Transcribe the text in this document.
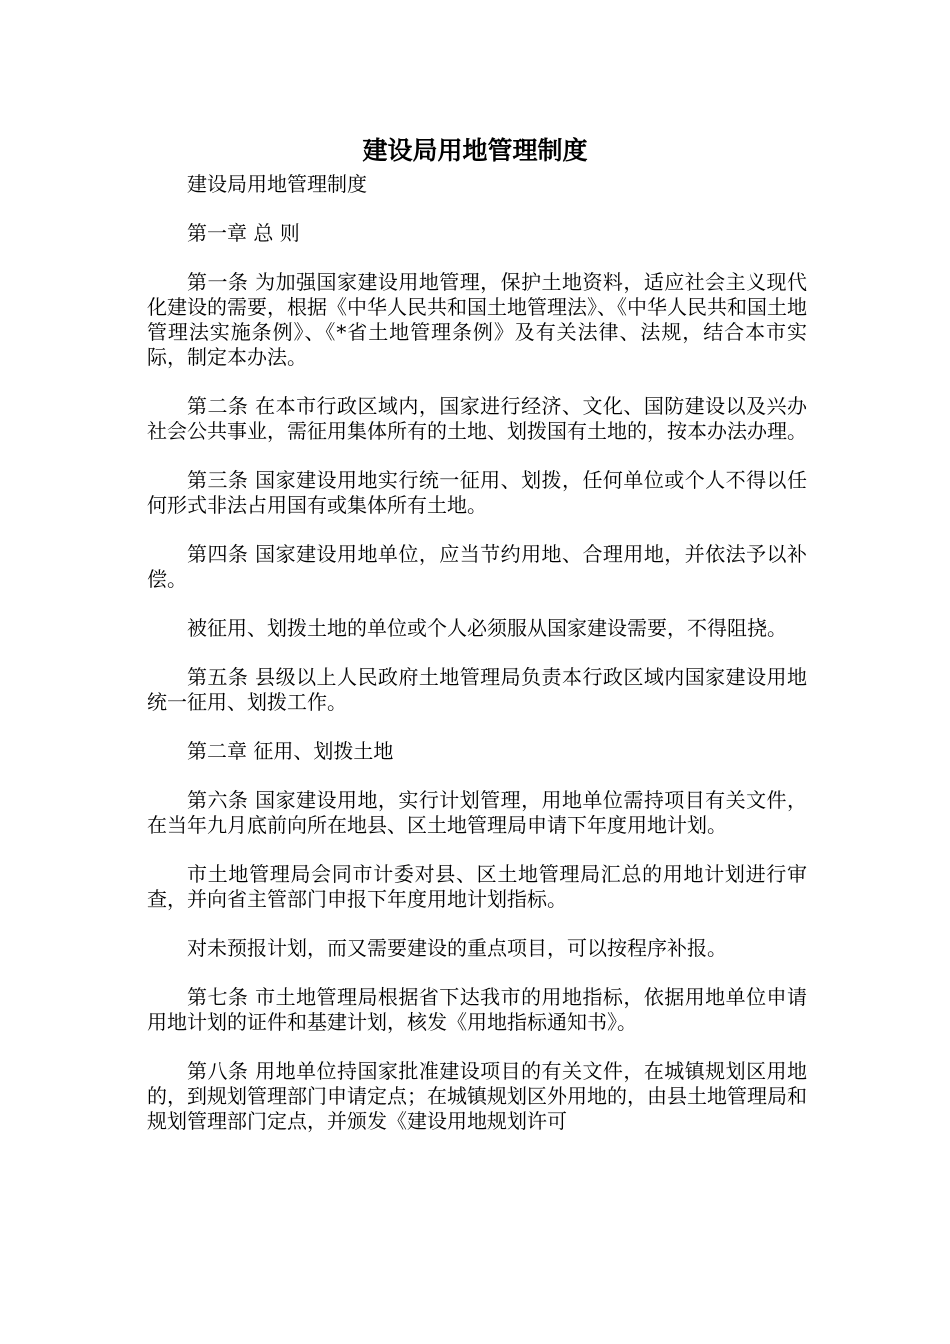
建设局用地管理制度

建设局用地管理制度

第一章 总 则

第一条 为加强国家建设用地管理，保护土地资料，适应社会主义现代化建设的需要，根据《中华人民共和国土地管理法》、《中华人民共和国土地管理法实施条例》、《*省土地管理条例》及有关法律、法规，结合本市实际，制定本办法。

第二条 在本市行政区域内，国家进行经济、文化、国防建设以及兴办社会公共事业，需征用集体所有的土地、划拨国有土地的，按本办法办理。

第三条 国家建设用地实行统一征用、划拨，任何单位或个人不得以任何形式非法占用国有或集体所有土地。

第四条 国家建设用地单位，应当节约用地、合理用地，并依法予以补偿。

被征用、划拨土地的单位或个人必须服从国家建设需要，不得阻挠。

第五条 县级以上人民政府土地管理局负责本行政区域内国家建设用地统一征用、划拨工作。

第二章 征用、划拨土地

第六条 国家建设用地，实行计划管理，用地单位需持项目有关文件，在当年九月底前向所在地县、区土地管理局申请下年度用地计划。

市土地管理局会同市计委对县、区土地管理局汇总的用地计划进行审查，并向省主管部门申报下年度用地计划指标。

对未预报计划，而又需要建设的重点项目，可以按程序补报。

第七条 市土地管理局根据省下达我市的用地指标，依据用地单位申请用地计划的证件和基建计划，核发《用地指标通知书》。

第八条 用地单位持国家批准建设项目的有关文件，在城镇规划区用地的，到规划管理部门申请定点；在城镇规划区外用地的，由县土地管理局和规划管理部门定点，并颁发《建设用地规划许可
